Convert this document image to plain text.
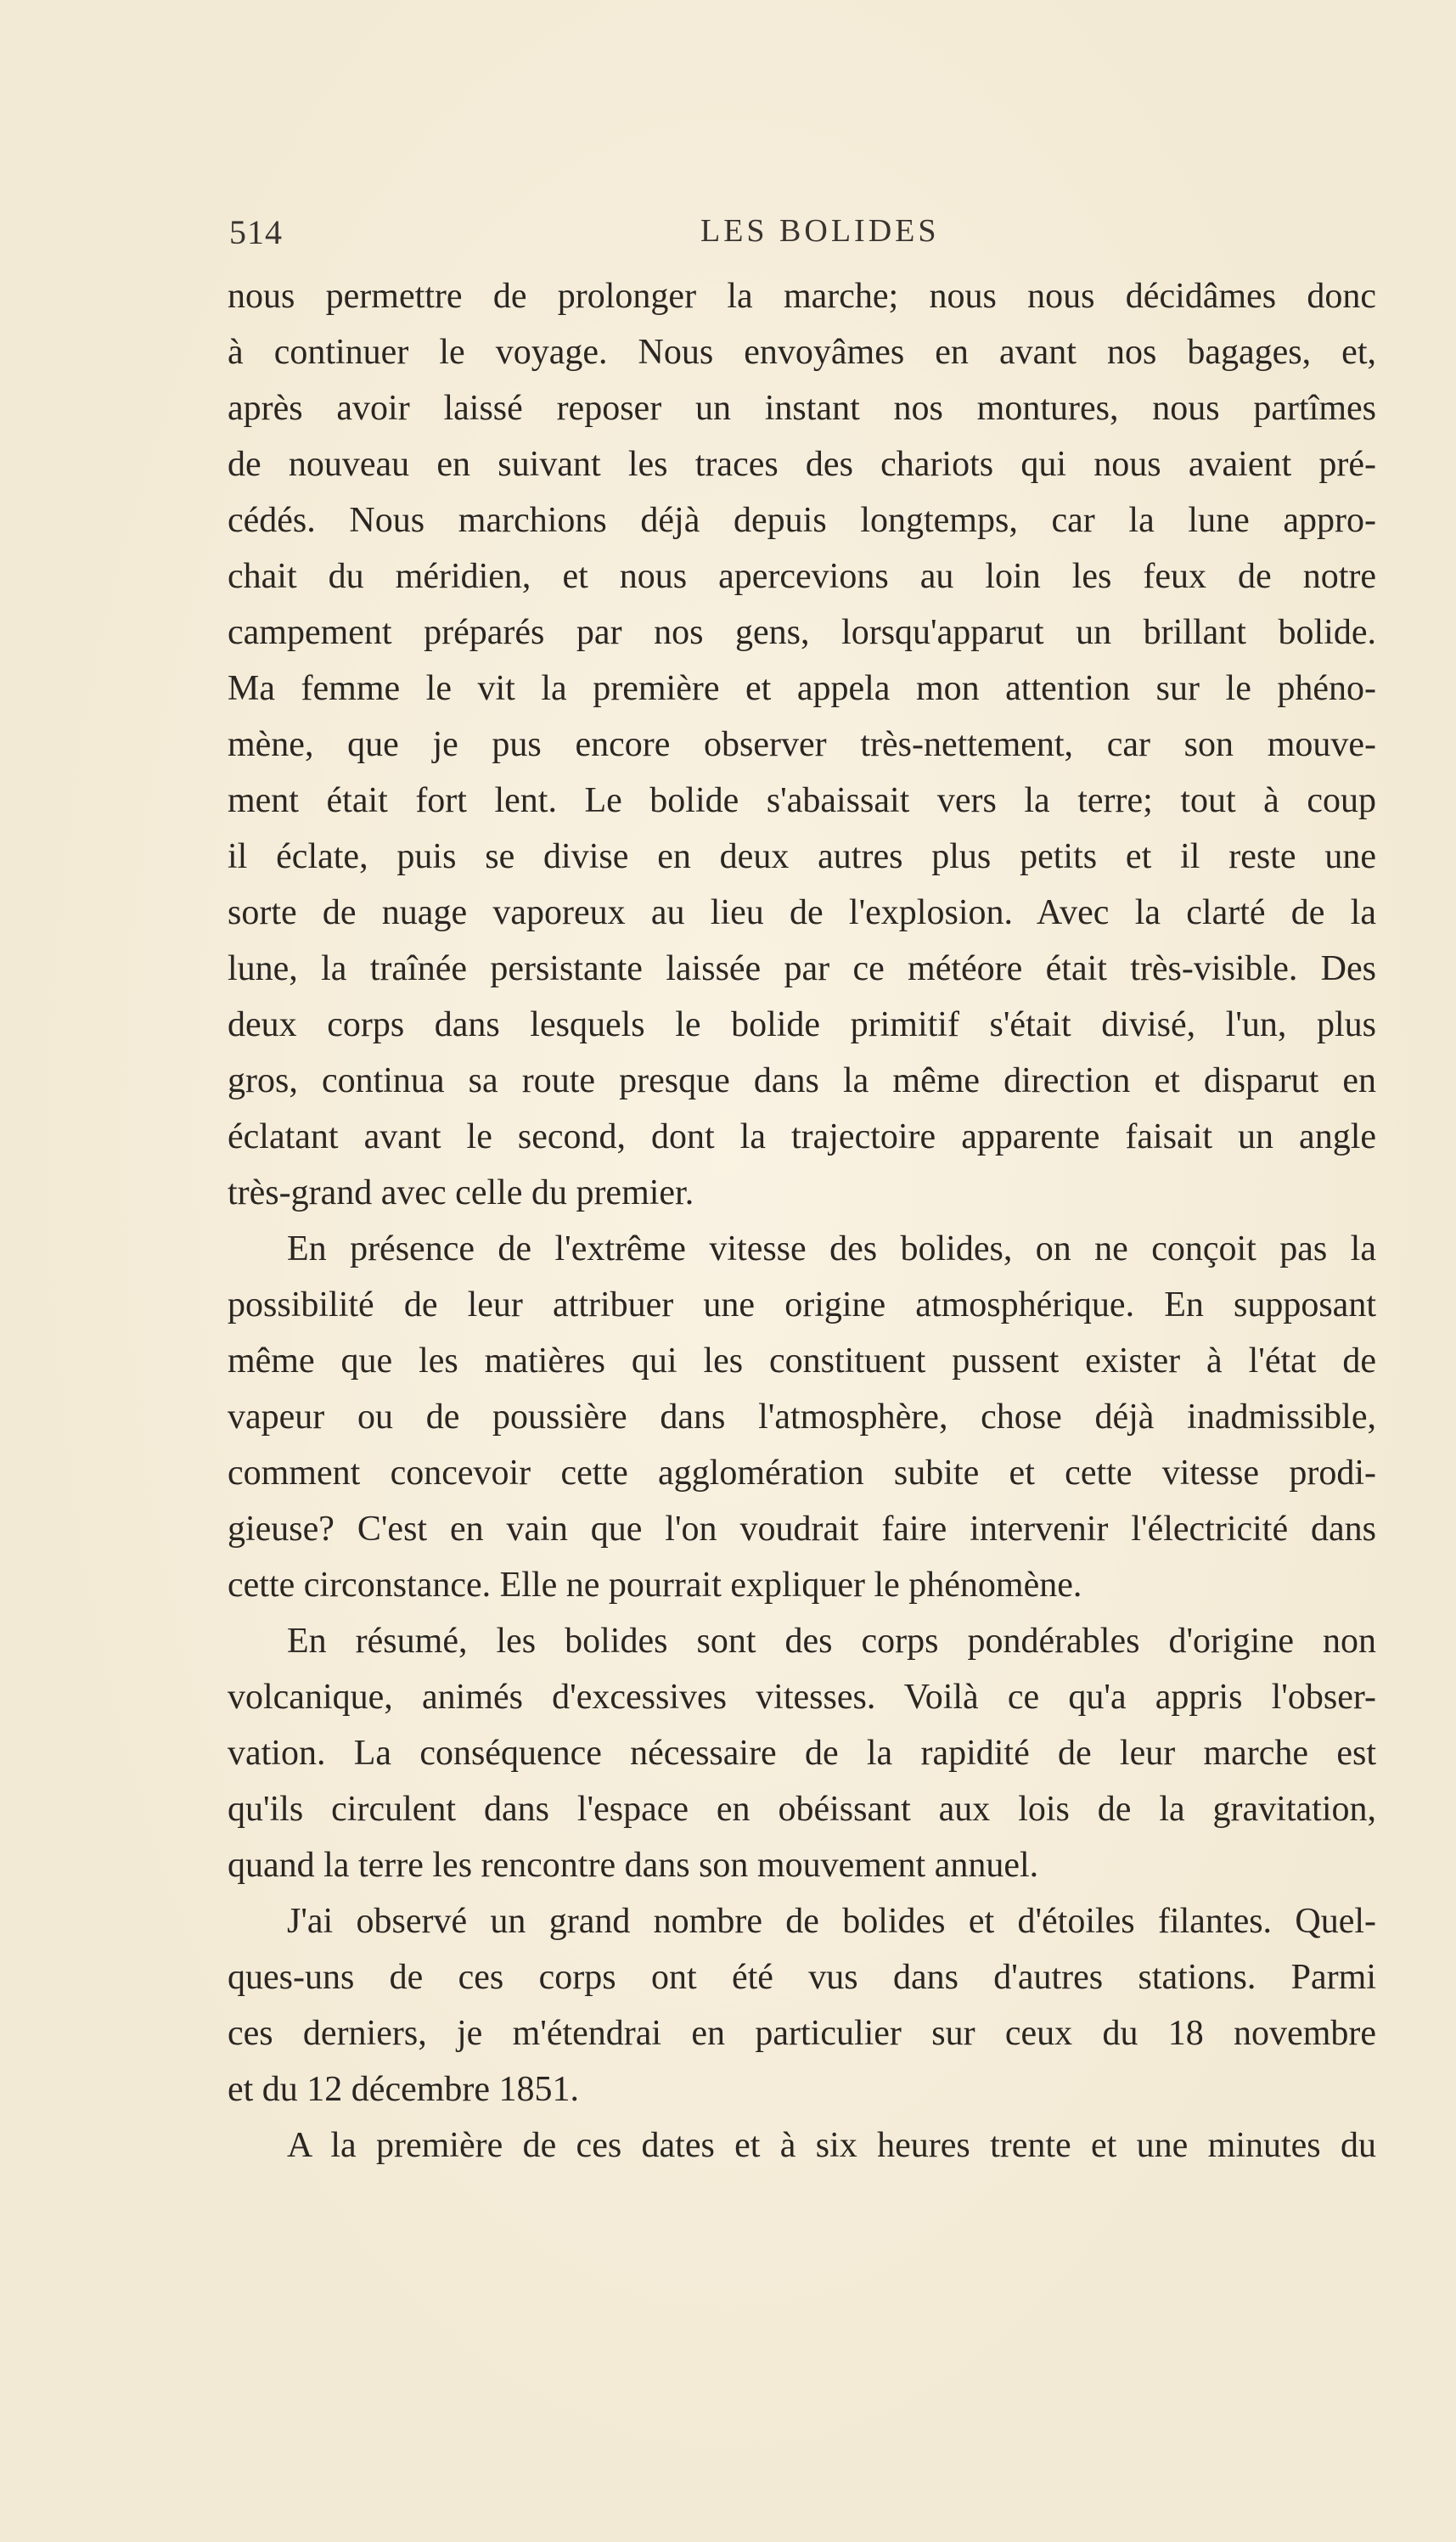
514	LES BOLIDES
nous permettre de prolonger la marche; nous nous décidâmes donc
à continuer le voyage. Nous envoyâmes en avant nos bagages, et,
après avoir laissé reposer un instant nos montures, nous partîmes
de nouveau en suivant les traces des chariots qui nous avaient pré-
cédés. Nous marchions déjà depuis longtemps, car la lune appro-
chait du méridien, et nous apercevions au loin les feux de notre
campement préparés par nos gens, lorsqu'apparut un brillant bolide.
Ma femme le vit la première et appela mon attention sur le phéno-
mène, que je pus encore observer très-nettement, car son mouve-
ment était fort lent. Le bolide s'abaissait vers la terre; tout à coup
il éclate, puis se divise en deux autres plus petits et il reste une
sorte de nuage vaporeux au lieu de l'explosion. Avec la clarté de la
lune, la traînée persistante laissée par ce météore était très-visible. Des
deux corps dans lesquels le bolide primitif s'était divisé, l'un, plus
gros, continua sa route presque dans la même direction et disparut en
éclatant avant le second, dont la trajectoire apparente faisait un angle
très-grand avec celle du premier.
En présence de l'extrême vitesse des bolides, on ne conçoit pas la
possibilité de leur attribuer une origine atmosphérique. En supposant
même que les matières qui les constituent pussent exister à l'état de
vapeur ou de poussière dans l'atmosphère, chose déjà inadmissible,
comment concevoir cette agglomération subite et cette vitesse prodi-
gieuse? C'est en vain que l'on voudrait faire intervenir l'électricité dans
cette circonstance. Elle ne pourrait expliquer le phénomène.
En résumé, les bolides sont des corps pondérables d'origine non
volcanique, animés d'excessives vitesses. Voilà ce qu'a appris l'obser-
vation. La conséquence nécessaire de la rapidité de leur marche est
qu'ils circulent dans l'espace en obéissant aux lois de la gravitation,
quand la terre les rencontre dans son mouvement annuel.
J'ai observé un grand nombre de bolides et d'étoiles filantes. Quel-
ques-uns de ces corps ont été vus dans d'autres stations. Parmi
ces derniers, je m'étendrai en particulier sur ceux du 18 novembre
et du 12 décembre 1851.
A la première de ces dates et à six heures trente et une minutes du
